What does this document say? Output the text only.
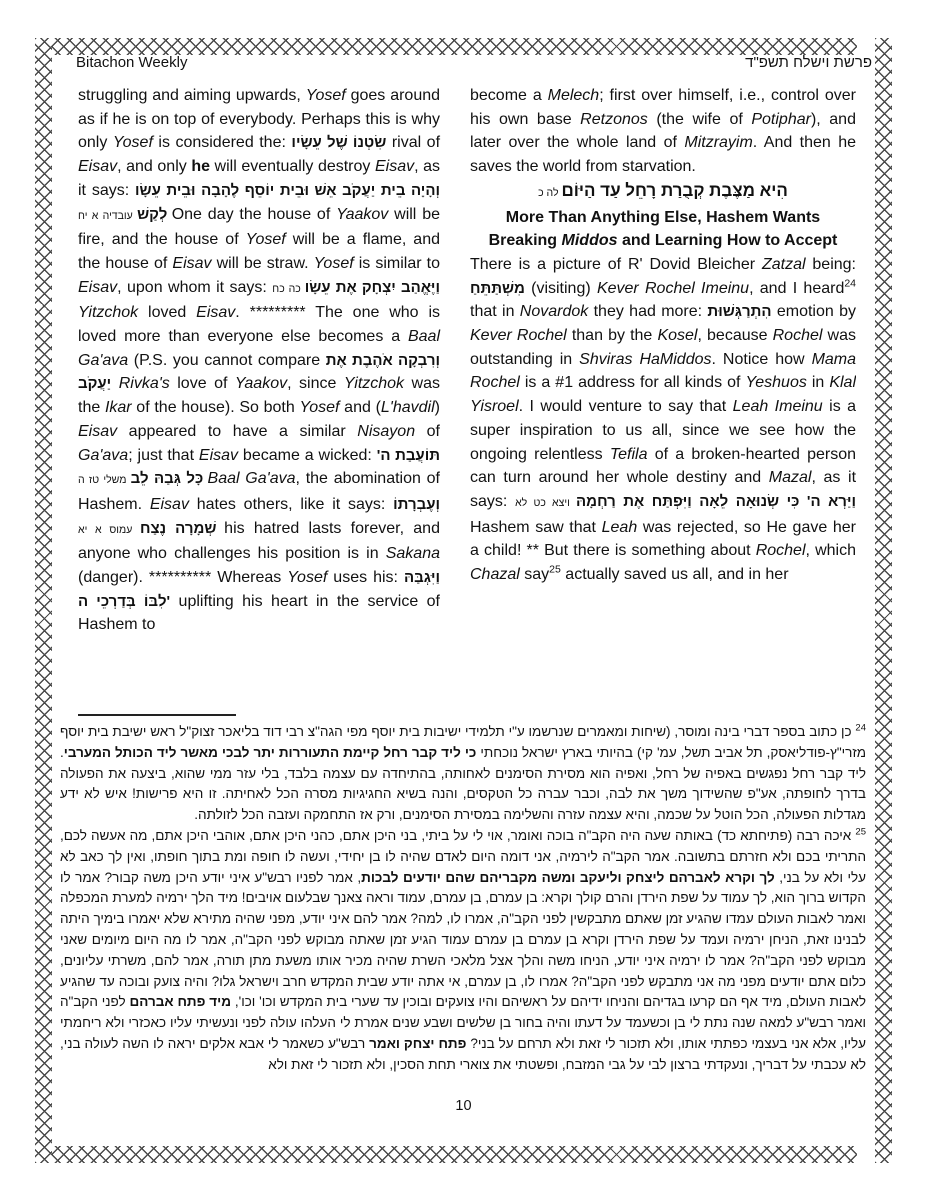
Bitachon Weekly	פרשת וישלח תשפ"ד
struggling and aiming upwards, Yosef goes around as if he is on top of everybody. Perhaps this is why only Yosef is considered the: שִׂטְנוֹ שֶׁל עֵשָׂיו rival of Eisav, and only he will eventually destroy Eisav, as it says: וְהָיָה בֵית יַעֲקֹב אֵשׁ וּבֵית יוֹסֵף לֶהָבָה וּבֵית עֵשָׂו לְקַשׁ עובדיה א יח One day the house of Yaakov will be fire, and the house of Yosef will be a flame, and the house of Eisav will be straw. Yosef is similar to Eisav, upon whom it says: וַיֶּאֱהַב יִצְחָק אֶת עֵשָׂו כה כח Yitzchok loved Eisav. ********* The one who is loved more than everyone else becomes a Baal Ga'ava (P.S. you cannot compare וְרִבְקָה אֹהֶבֶת אֶת יַעֲקֹב Rivka's love of Yaakov, since Yitzchok was the Ikar of the house). So both Yosef and (L'havdil) Eisav appeared to have a similar Nisayon of Ga'ava; just that Eisav became a wicked: תּוֹעֲבַת ה' כָּל גְּבַהּ לֵב משלי טז ה Baal Ga'ava, the abomination of Hashem. Eisav hates others, like it says: וְעֶבְרָתוֹ שְׁמָרָה נֶצַח עמוס א יא his hatred lasts forever, and anyone who challenges his position is in Sakana (danger). ********** Whereas Yosef uses his: וַיִּגְבַּהּ לִבּוֹ בְּדַרְכֵי ה' uplifting his heart in the service of Hashem to
become a Melech; first over himself, i.e., control over his own base Retzonos (the wife of Potiphar), and later over the whole land of Mitzrayim. And then he saves the world from starvation.
הִיא מַצֶּבֶת קְבֻרַת רָחֵל עַד הַיּוֹם לה כ
More Than Anything Else, Hashem Wants Breaking Middos and Learning How to Accept
There is a picture of R' Dovid Bleicher Zatzal being: מִשְׁתַּתֵּחַ (visiting) Kever Rochel Imeinu, and I heard$^{24}$ that in Novardok they had more: הִתְרַגְּשׁוּת emotion by Kever Rochel than by the Kosel, because Rochel was outstanding in Shviras HaMiddos. Notice how Mama Rochel is a #1 address for all kinds of Yeshuos in Klal Yisroel. I would venture to say that Leah Imeinu is a super inspiration to us all, since we see how the ongoing relentless Tefila of a broken-hearted person can turn around her whole destiny and Mazal, as it says:	וַיַּרְא ה' כִּי שְׂנוּאָה לֵאָה וַיִּפְתַּח אֶת רַחְמָהּ ויצא כט לא Hashem saw that Leah was rejected, so He gave her a child! ** But there is something about Rochel, which Chazal say$^{25}$ actually saved us all, and in her
$^{24}$ כן כתוב בספר דברי בינה ומוסר, (שיחות ומאמרים שנרשמו ע"י תלמידי ישיבות בית יוסף מפי הגה"צ רבי דוד בליאכר זצוק"ל ראש ישיבת בית יוסף מזרי"ץ-פודליאסק, תל אביב תשל, עמ' קי) בהיותי בארץ ישראל נוכחתי כי ליד קבר רחל קיימת התעוררות יתר לבכי מאשר ליד הכותל המערבי. ליד קבר רחל נפגשים באפיה של רחל, ואפיה הוא מסירת הסימנים לאחותה, בהתיחדה עם עצמה בלבד, בלי עזר ממי שהוא, ביצעה את הפעולה בדרך לחופתה, אע"פ שהשידוך משך את לבה, וכבר עברה כל הטקסים, והנה בשיא החגיגיות מסרה הכל לאחיתה. זו היא פרישות! איש לא ידע מגדלות הפעולה, הכל הוטל על שכמה, והיא עצמה עזרה והשלימה במסירת הסימנים, ורק אז התחמקה ועזבה הכל לזולתה.
$^{25}$ איכה רבה (פתיחתא כד) באותה שעה היה הקב"ה בוכה ואומר, אוי לי על ביתי, בני היכן אתם, כהני היכן אתם, אוהבי היכן אתם, מה אעשה לכם, התריתי בכם ולא חזרתם בתשובה. אמר הקב"ה לירמיה, אני דומה היום לאדם שהיה לו בן יחידי, ועשה לו חופה ומת בתוך חופתו, ואין לך כאב לא עלי ולא על בני, לך וקרא לאברהם ליצחק וליעקב ומשה מקבריהם שהם יודעים לבכות, אמר לפניו רבש"ע איני יודע היכן משה קבור? אמר לו הקדוש ברוך הוא, לך עמוד על שפת הירדן והרם קולך וקרא: בן עמרם, בן עמרם, עמוד וראה צאנך שבלעום אויבים! מיד הלך ירמיה למערת המכפלה ואמר לאבות העולם עמדו שהגיע זמן שאתם מתבקשין לפני הקב"ה, אמרו לו, למה? אמר להם איני יודע, מפני שהיה מתירא שלא יאמרו בימיך היתה לבנינו זאת, הניחן ירמיה ועמד על שפת הירדן וקרא בן עמרם בן עמרם עמוד הגיע זמן שאתה מבוקש לפני הקב"ה, אמר לו מה היום מיומים שאני מבוקש לפני הקב"ה? אמר לו ירמיה איני יודע, הניחו משה והלך אצל מלאכי השרת שהיה מכיר אותו משעת מתן תורה, אמר להם, משרתי עליונים, כלום אתם יודעים מפני מה אני מתבקש לפני הקב"ה? אמרו לו, בן עמרם, אי אתה יודע שבית המקדש חרב וישראל גלו? והיה צועק ובוכה עד שהגיע לאבות העולם, מיד אף הם קרעו בגדיהם והניחו ידיהם על ראשיהם והיו צועקים ובוכין עד שערי בית המקדש וכו' וכו', מיד פתח אברהם לפני הקב"ה ואמר רבש"ע למאה שנה נתת לי בן וכשעמד על דעתו והיה בחור בן שלשים ושבע שנים אמרת לי העלהו עולה לפני ונעשיתי עליו כאכזרי ולא ריחמתי עליו, אלא אני בעצמי כפתתי אותו, ולא תזכור לי זאת ולא תרחם על בני? פתח יצחק ואמר רבש"ע כשאמר לי אבא אלקים יראה לו השה לעולה בני, לא עכבתי על דבריך, ונעקדתי ברצון לבי על גבי המזבח, ופשטתי את צוארי תחת הסכין, ולא תזכור לי זאת ולא
10
